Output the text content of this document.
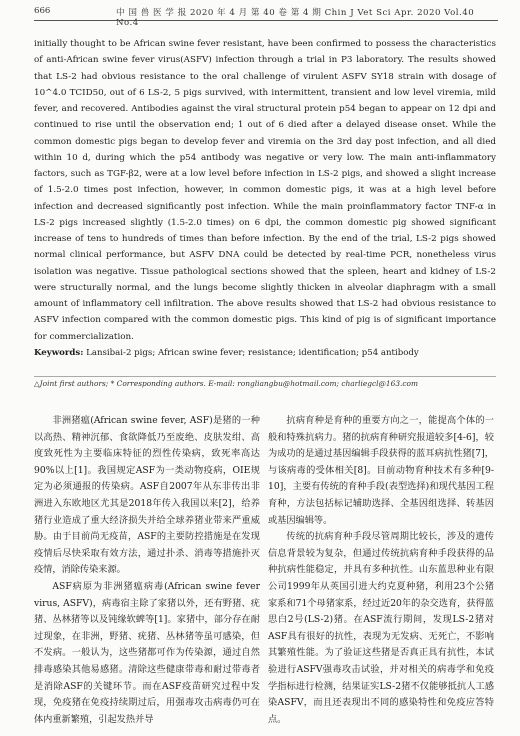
666	中 国 兽 医 学 报 2020 年 4 月 第 40 卷 第 4 期 Chin J Vet Sci Apr. 2020 Vol.40 No.4

initially thought to be African swine fever resistant, have been confirmed to possess the characteristics of anti-African swine fever virus(ASFV) infection through a trial in P3 laboratory. The results showed that LS-2 had obvious resistance to the oral challenge of virulent ASFV SY18 strain with dosage of 10^4.0 TCID50, out of 6 LS-2, 5 pigs survived, with intermittent, transient and low level viremia, mild fever, and recovered. Antibodies against the viral structural protein p54 began to appear on 12 dpi and continued to rise until the observation end; 1 out of 6 died after a delayed disease onset. While the common domestic pigs began to develop fever and viremia on the 3rd day post infection, and all died within 10 d, during which the p54 antibody was negative or very low. The main anti-inflammatory factors, such as TGF-β2, were at a low level before infection in LS-2 pigs, and showed a slight increase of 1.5-2.0 times post infection, however, in common domestic pigs, it was at a high level before infection and decreased significantly post infection. While the main proinflammatory factor TNF-α in LS-2 pigs increased slightly (1.5-2.0 times) on 6 dpi, the common domestic pig showed significant increase of tens to hundreds of times than before infection. By the end of the trial, LS-2 pigs showed normal clinical performance, but ASFV DNA could be detected by real-time PCR, nonetheless virus isolation was negative. Tissue pathological sections showed that the spleen, heart and kidney of LS-2 were structurally normal, and the lungs become slightly thicken in alveolar diaphragm with a small amount of inflammatory cell infiltration. The above results showed that LS-2 had obvious resistance to ASFV infection compared with the common domestic pigs. This kind of pig is of significant importance for commercialization.

Keywords: Lansibai-2 pigs; African swine fever; resistance; identification; p54 antibody
△Joint first authors; * Corresponding authors. E-mail: rongliangbu@hotmail.com; charliegcl@163.com

非洲猪瘟(African swine fever, ASF)是猪的一种以高热、精神沉郁、食欲降低乃至废绝、皮肤发绀、高度致死性为主要临床特征的烈性传染病，致死率高达90%以上[1]。我国规定ASF为一类动物疫病，OIE规定为必须通报的传染病。ASF自2007年从东非传出非洲进入东欧地区尤其是2018年传入我国以来[2]，给养猪行业造成了重大经济损失并给全球养猪业带来严重威胁。由于目前尚无疫苗，ASF的主要防控措施是在发现疫情后尽快采取有效方法，通过扑杀、消毒等措施扑灭疫情，消除传染来源。

ASF病原为非洲猪瘟病毒(African swine fever virus, ASFV)，病毒宿主除了家猪以外，还有野猪、疣猪、丛林猪等以及钝缘软蜱等[1]。家猪中，部分存在耐过现象，在非洲，野猪、疣猪、丛林猪等虽可感染，但不发病。一般认为，这些猪都可作为传染源，通过自然排毒感染其他易感猪。清除这些健康带毒和耐过带毒者是消除ASF的关键环节。而在ASF疫苗研究过程中发现，免疫猪在免疫持续期过后，用强毒攻击病毒仍可在体内重新繁殖，引起发热并导

抗病育种是育种的重要方向之一，能提高个体的一般和特殊抗病力。猪的抗病育种研究报道较多[4-6]，较为成功的是通过基因编辑手段获得的蓝耳病抗性猪[7]，与该病毒的受体相关[8]。目前动物育种技术有多种[9-10]，主要有传统的育种手段(表型选择)和现代基因工程育种，方法包括标记辅助选择、全基因组选择、转基因或基因编辑等。

传统的抗病育种手段尽管周期比较长，涉及的遗传信息背景较为复杂，但通过传统抗病育种手段获得的品种抗病性能稳定，并具有多种抗性。山东蓝思种业有限公司1999年从英国引进大约克夏种猪，利用23个公猪家系和71个母猪家系，经过近20年的杂交选育，获得蓝思白2号(LS-2)猪。在ASF流行期间，发现LS-2猪对ASF具有很好的抗性，表现为无发病、无死亡，不影响其繁殖性能。为了验证这些猪是否真正具有抗性，本试验进行ASFV强毒攻击试验，并对相关的病毒学和免疫学指标进行检测，结果证实LS-2猪不仅能够抵抗人工感染ASFV，而且还表现出不同的感染特性和免疫应答特点。
